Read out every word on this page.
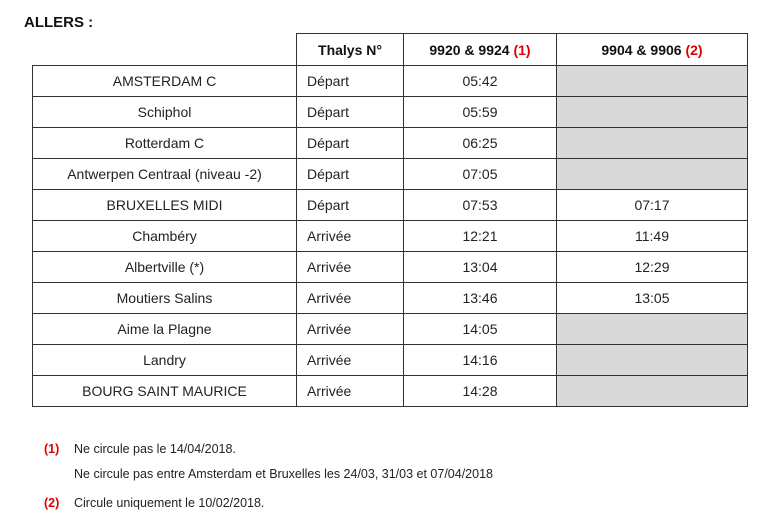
ALLERS :
	Thalys N°	9920 & 9924 (1)	9904 & 9906 (2)
AMSTERDAM C	Départ	05:42	
Schiphol	Départ	05:59	
Rotterdam C	Départ	06:25	
Antwerpen Centraal (niveau -2)	Départ	07:05	
BRUXELLES MIDI	Départ	07:53	07:17
Chambéry	Arrivée	12:21	11:49
Albertville (*)	Arrivée	13:04	12:29
Moutiers Salins	Arrivée	13:46	13:05
Aime la Plagne	Arrivée	14:05	
Landry	Arrivée	14:16	
BOURG SAINT MAURICE	Arrivée	14:28	
(1) Ne circule pas le 14/04/2018.
Ne circule pas entre Amsterdam et Bruxelles les 24/03, 31/03 et 07/04/2018
(2) Circule uniquement le 10/02/2018.
